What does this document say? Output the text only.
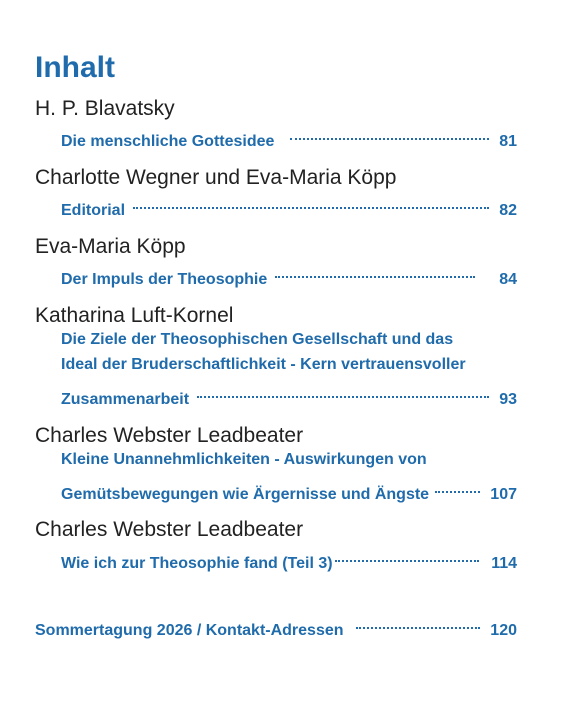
Inhalt
H. P. Blavatsky
Die menschliche Gottesidee	81
Charlotte Wegner und Eva-Maria Köpp
Editorial	82
Eva-Maria Köpp
Der Impuls der Theosophie	84
Katharina Luft-Kornel
Die Ziele der Theosophischen Gesellschaft und das
Ideal der Bruderschaftlichkeit - Kern vertrauensvoller
Zusammenarbeit	93
Charles Webster Leadbeater
Kleine Unannehmlichkeiten - Auswirkungen von
Gemütsbewegungen wie Ärgernisse und Ängste	107
Charles Webster Leadbeater
Wie ich zur Theosophie fand (Teil 3)	114
Sommertagung 2026 / Kontakt-Adressen	120
